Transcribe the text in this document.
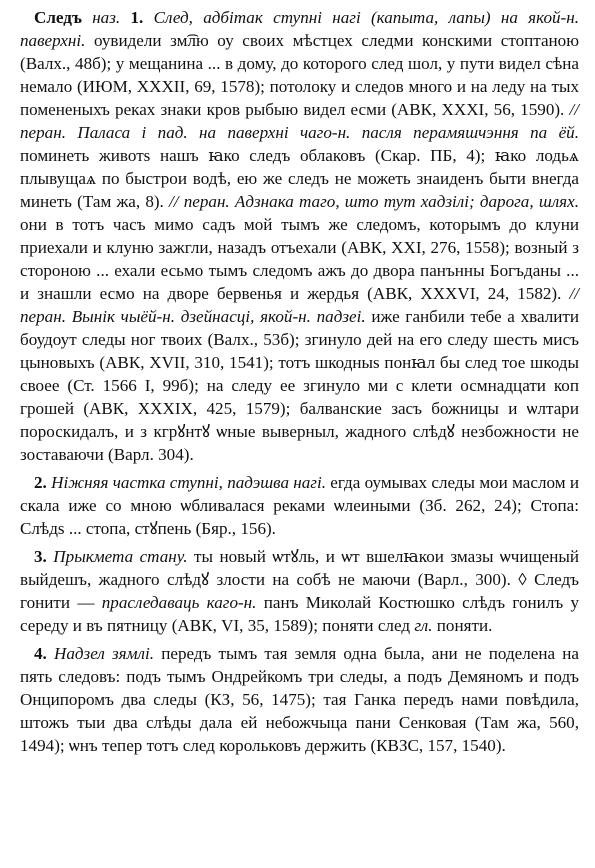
Следъ наз. 1. След, адбітак ступні нагі (капыта, лапы) на якой-н. паверхні. оувидели зм͡лю оу своих мѣстцех следми конскими стоптаною (Валх., 48б); у мещанина ... в дому, до которого след шол, у пути видел сѣна немало (ИЮМ, XXXII, 69, 1578); потолоку и следов много и на леду на тых помененыхъ реках знаки кров рыбыю видел есми (АВК, XXXI, 56, 1590). // перан. Паласа і пад. на паверхні чаго-н. пасля перамяшчэння па ёй. поминеть животѕ нашъ ꙗко следъ облаковъ (Скар. ПБ, 4); ꙗко лодьѧ плывущаѧ по быстрои водѣ, ею же следъ не можеть знаиденъ быти внегда минеть (Там жа, 8). // перан. Адзнака таго, што тут хадзілі; дарога, шлях. они в тотъ часъ мимо садъ мой тымъ же следомъ, которымъ до клуни приехали и клуню зажгли, назадъ отъехали (АВК, XXI, 276, 1558); возный з стороною ... ехали есьмо тымъ следомъ ажъ до двора панънны Богъданы ... и знашли есмо на дворе бервенья и жердья (АВК, XXXVI, 24, 1582). // перан. Вынік чыёй-н. дзейнасці, якой-н. падзеі. иже ганбили тебе а хвалити боудоут следы ног твоих (Валх., 53б); згинуло дей на его следу шесть мисъ цыновыхъ (АВК, XVII, 310, 1541); тотъ шкодныѕ понꙗл бы след тое шкоды своее (Ст. 1566 І, 99б); на следу ее згинуло ми с клети осмнадцати коп грошей (АВК, XXXIX, 425, 1579); балванские засъ божницы и ѡлтари пороскидалъ, и з кгрꙋнтꙋ ѡные выверныл, жадного слѣдꙋ незбожности не зоставаючи (Варл. 304).

2. Ніжняя частка ступні, падэшва нагі. егда оумывах следы мои маслом и скала иже со мною ѡбливалася реками ѡлеиными (Зб. 262, 24); Стопа: Слѣдѕ ... стопа, стꙋпень (Бяр., 156).

3. Прыкмета стану. ты новый ѡтꙋль, и ѡт вшелꙗкои змазы ѡчищеный выйдешъ, жадного слѣдꙋ злости на собѣ не маючи (Варл., 300). ◊ Следъ гонити — праследаваць каго-н. панъ Миколай Костюшко слѣдъ гонилъ у середу и въ пятницу (АВК, VI, 35, 1589); поняти след гл. поняти.

4. Надзел зямлі. передъ тымъ тая земля одна была, ани не поделена на пять следовъ: подъ тымъ Ондрейкомъ три следы, а подъ Демяномъ и подъ Онципоромъ два следы (КЗ, 56, 1475); тая Ганка передъ нами повѣдила, штожъ тыи два слѣды дала ей небожчыца пани Сенковая (Там жа, 560, 1494); ѡнъ тепер тотъ след корольковъ держить (КВЗС, 157, 1540).
